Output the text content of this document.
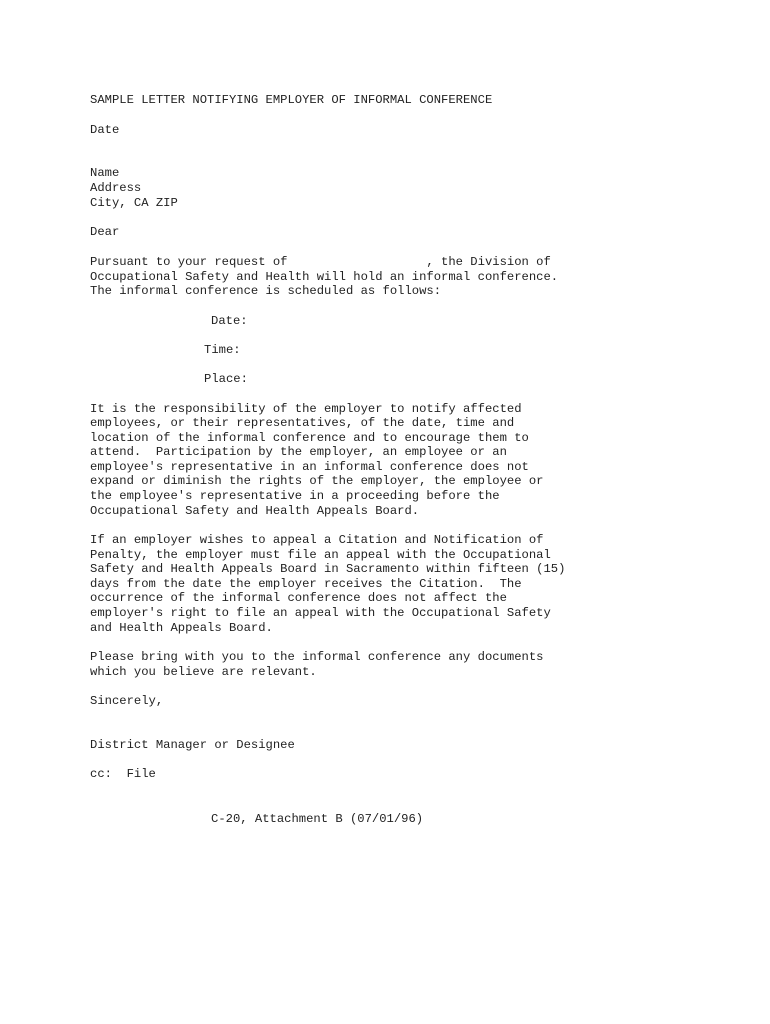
SAMPLE LETTER NOTIFYING EMPLOYER OF INFORMAL CONFERENCE
Date
Name
Address
City, CA ZIP
Dear
Pursuant to your request of                   , the Division of
Occupational Safety and Health will hold an informal conference.
The informal conference is scheduled as follows:
Date:
Time:
Place:
It is the responsibility of the employer to notify affected
employees, or their representatives, of the date, time and
location of the informal conference and to encourage them to
attend.  Participation by the employer, an employee or an
employee's representative in an informal conference does not
expand or diminish the rights of the employer, the employee or
the employee's representative in a proceeding before the
Occupational Safety and Health Appeals Board.
If an employer wishes to appeal a Citation and Notification of
Penalty, the employer must file an appeal with the Occupational
Safety and Health Appeals Board in Sacramento within fifteen (15)
days from the date the employer receives the Citation.  The
occurrence of the informal conference does not affect the
employer's right to file an appeal with the Occupational Safety
and Health Appeals Board.
Please bring with you to the informal conference any documents
which you believe are relevant.
Sincerely,
District Manager or Designee
cc:  File
C-20, Attachment B (07/01/96)
